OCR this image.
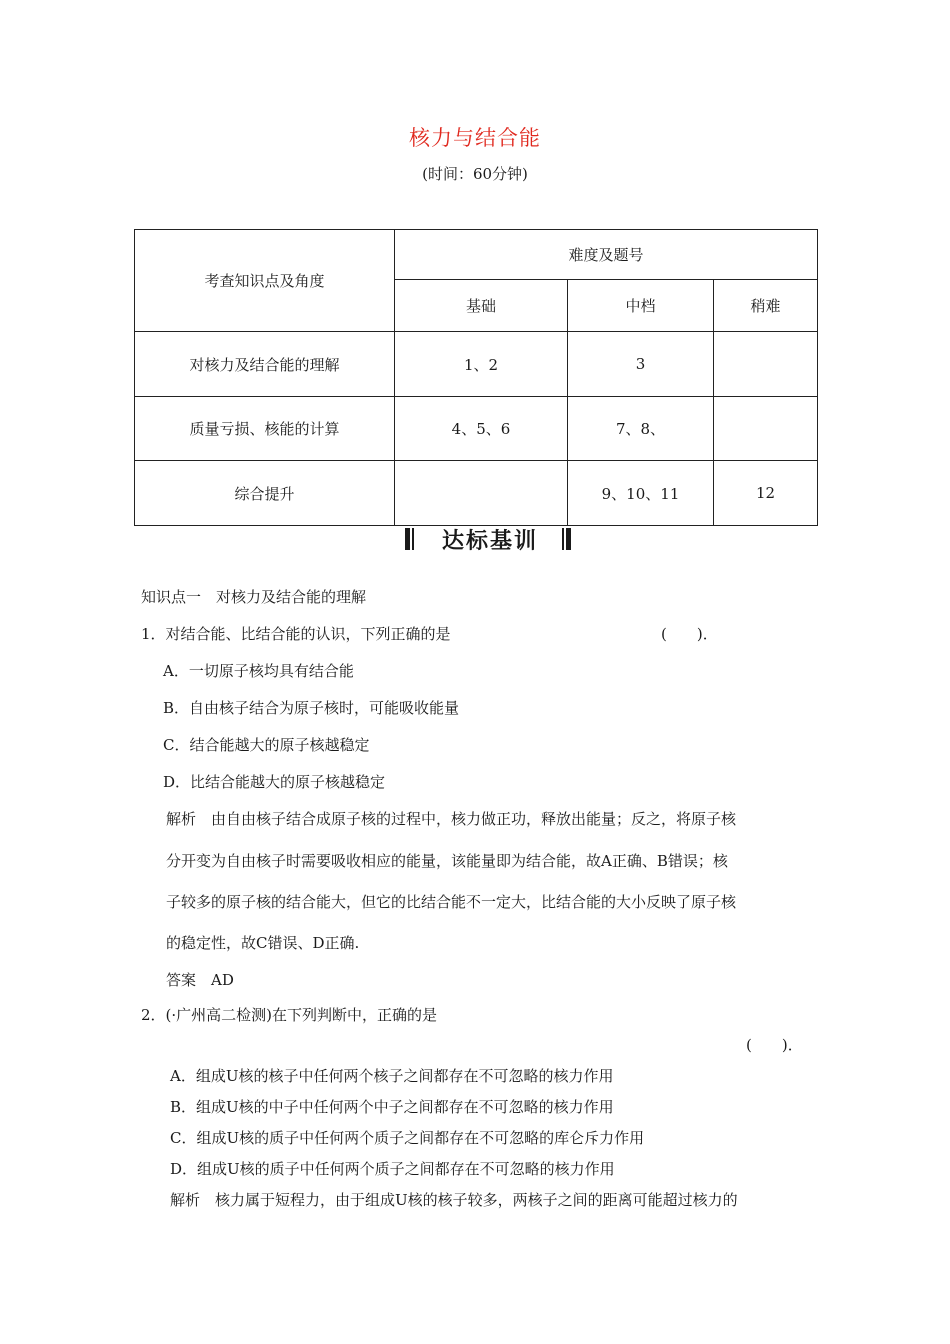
核力与结合能
(时间：60分钟)
考查知识点及角度	难度及题号		
	基础	中档	稍难
对核力及结合能的理解	1、2	3	
质量亏损、核能的计算	4、5、6	7、8、	
综合提升		9、10、11	12
达标基训
知识点一　对核力及结合能的理解
1．对结合能、比结合能的认识，下列正确的是	(　　)．
A．一切原子核均具有结合能
B．自由核子结合为原子核时，可能吸收能量
C．结合能越大的原子核越稳定
D．比结合能越大的原子核越稳定
解析　由自由核子结合成原子核的过程中，核力做正功，释放出能量；反之，将原子核
分开变为自由核子时需要吸收相应的能量，该能量即为结合能，故A正确、B错误；核
子较多的原子核的结合能大，但它的比结合能不一定大，比结合能的大小反映了原子核
的稳定性，故C错误、D正确.
答案　AD
2．(·广州高二检测)在下列判断中，正确的是
(　　)．
A．组成U核的核子中任何两个核子之间都存在不可忽略的核力作用
B．组成U核的中子中任何两个中子之间都存在不可忽略的核力作用
C．组成U核的质子中任何两个质子之间都存在不可忽略的库仑斥力作用
D．组成U核的质子中任何两个质子之间都存在不可忽略的核力作用
解析　核力属于短程力，由于组成U核的核子较多，两核子之间的距离可能超过核力的
